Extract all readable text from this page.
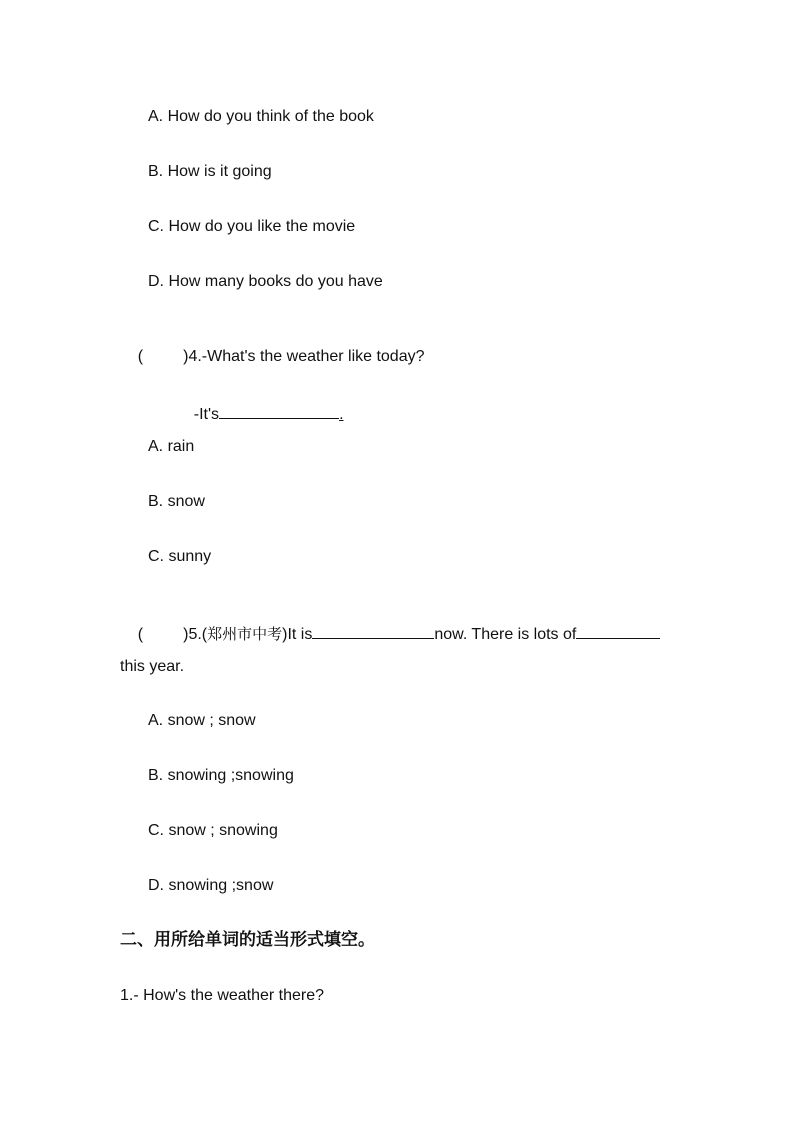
A. How do you think of the book
B. How is it going
C. How do you like the movie
D. How many books do you have

(	)4.-What's the weather like today?

-It's	.

A. rain
B. snow
C. sunny

(	)5.(郑州市中考)It is	now. There is lots of

this year.
A. snow ; snow
B. snowing ;snowing
C. snow ; snowing
D. snowing ;snow
二、用所给单词的适当形式填空。
1.- How's the weather there?
